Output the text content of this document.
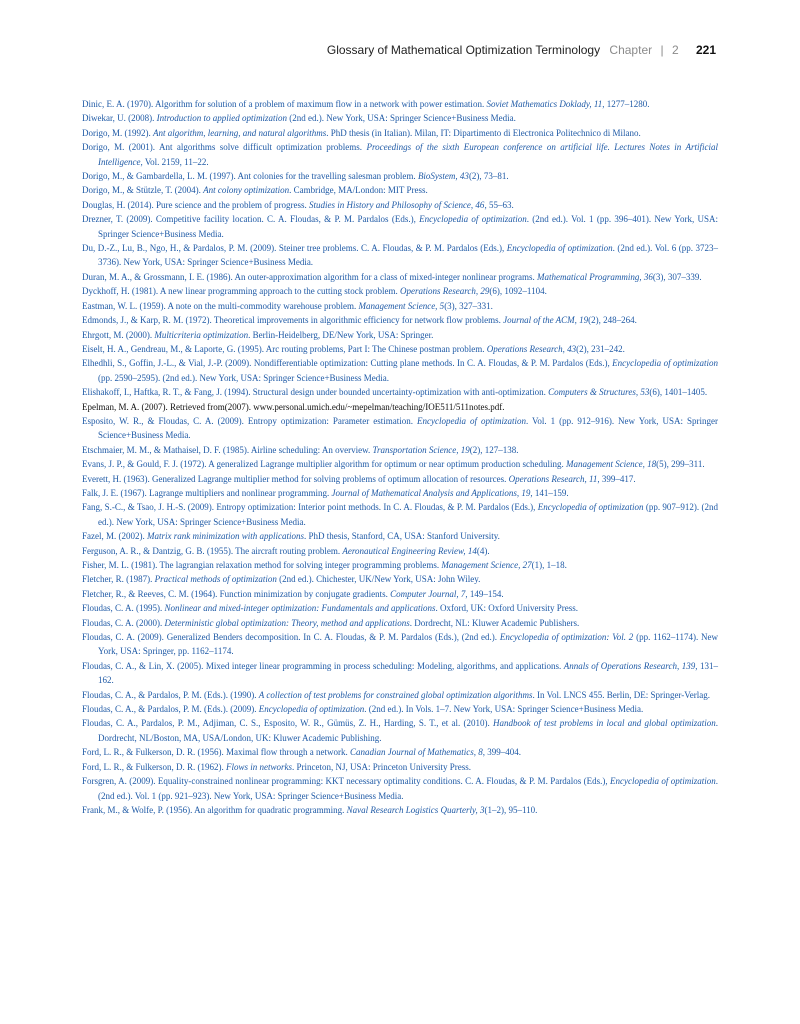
Glossary of Mathematical Optimization Terminology Chapter | 2 221

Dinic, E. A. (1970). Algorithm for solution of a problem of maximum flow in a network with power estimation. Soviet Mathematics Doklady, 11, 1277–1280.

Diwekar, U. (2008). Introduction to applied optimization (2nd ed.). New York, USA: Springer Science+Business Media.

Dorigo, M. (1992). Ant algorithm, learning, and natural algorithms. PhD thesis (in Italian). Milan, IT: Dipartimento di Electronica Politechnico di Milano.

Dorigo, M. (2001). Ant algorithms solve difficult optimization problems. Proceedings of the sixth European conference on artificial life. Lectures Notes in Artificial Intelligence, Vol. 2159, 11–22.

Dorigo, M., & Gambardella, L. M. (1997). Ant colonies for the travelling salesman problem. BioSystem, 43(2), 73–81.

Dorigo, M., & Stützle, T. (2004). Ant colony optimization. Cambridge, MA/London: MIT Press.

Douglas, H. (2014). Pure science and the problem of progress. Studies in History and Philosophy of Science, 46, 55–63.

Drezner, T. (2009). Competitive facility location. C. A. Floudas, & P. M. Pardalos (Eds.), Encyclopedia of optimization. (2nd ed.). Vol. 1 (pp. 396–401). New York, USA: Springer Science+Business Media.

Du, D.-Z., Lu, B., Ngo, H., & Pardalos, P. M. (2009). Steiner tree problems. C. A. Floudas, & P. M. Pardalos (Eds.), Encyclopedia of optimization. (2nd ed.). Vol. 6 (pp. 3723–3736). New York, USA: Springer Science+Business Media.

Duran, M. A., & Grossmann, I. E. (1986). An outer-approximation algorithm for a class of mixed-integer nonlinear programs. Mathematical Programming, 36(3), 307–339.

Dyckhoff, H. (1981). A new linear programming approach to the cutting stock problem. Operations Research, 29(6), 1092–1104.

Eastman, W. L. (1959). A note on the multi-commodity warehouse problem. Management Science, 5(3), 327–331.

Edmonds, J., & Karp, R. M. (1972). Theoretical improvements in algorithmic efficiency for network flow problems. Journal of the ACM, 19(2), 248–264.

Ehrgott, M. (2000). Multicriteria optimization. Berlin-Heidelberg, DE/New York, USA: Springer.

Eiselt, H. A., Gendreau, M., & Laporte, G. (1995). Arc routing problems, Part I: The Chinese postman problem. Operations Research, 43(2), 231–242.

Elhedhli, S., Goffin, J.-L., & Vial, J.-P. (2009). Nondifferentiable optimization: Cutting plane methods. In C. A. Floudas, & P. M. Pardalos (Eds.), Encyclopedia of optimization (pp. 2590–2595). (2nd ed.). New York, USA: Springer Science+Business Media.

Elishakoff, I., Haftka, R. T., & Fang, J. (1994). Structural design under bounded uncertainty-optimization with anti-optimization. Computers & Structures, 53(6), 1401–1405.

Epelman, M. A. (2007). Retrieved from(2007). www.personal.umich.edu/~mepelman/teaching/IOE511/511notes.pdf.

Esposito, W. R., & Floudas, C. A. (2009). Entropy optimization: Parameter estimation. Encyclopedia of optimization. Vol. 1 (pp. 912–916). New York, USA: Springer Science+Business Media.

Etschmaier, M. M., & Mathaisel, D. F. (1985). Airline scheduling: An overview. Transportation Science, 19(2), 127–138.

Evans, J. P., & Gould, F. J. (1972). A generalized Lagrange multiplier algorithm for optimum or near optimum production scheduling. Management Science, 18(5), 299–311.

Everett, H. (1963). Generalized Lagrange multiplier method for solving problems of optimum allocation of resources. Operations Research, 11, 399–417.

Falk, J. E. (1967). Lagrange multipliers and nonlinear programming. Journal of Mathematical Analysis and Applications, 19, 141–159.

Fang, S.-C., & Tsao, J. H.-S. (2009). Entropy optimization: Interior point methods. In C. A. Floudas, & P. M. Pardalos (Eds.), Encyclopedia of optimization (pp. 907–912). (2nd ed.). New York, USA: Springer Science+Business Media.

Fazel, M. (2002). Matrix rank minimization with applications. PhD thesis, Stanford, CA, USA: Stanford University.

Ferguson, A. R., & Dantzig, G. B. (1955). The aircraft routing problem. Aeronautical Engineering Review, 14(4).

Fisher, M. L. (1981). The lagrangian relaxation method for solving integer programming problems. Management Science, 27(1), 1–18.

Fletcher, R. (1987). Practical methods of optimization (2nd ed.). Chichester, UK/New York, USA: John Wiley.

Fletcher, R., & Reeves, C. M. (1964). Function minimization by conjugate gradients. Computer Journal, 7, 149–154.

Floudas, C. A. (1995). Nonlinear and mixed-integer optimization: Fundamentals and applications. Oxford, UK: Oxford University Press.

Floudas, C. A. (2000). Deterministic global optimization: Theory, method and applications. Dordrecht, NL: Kluwer Academic Publishers.

Floudas, C. A. (2009). Generalized Benders decomposition. In C. A. Floudas, & P. M. Pardalos (Eds.), (2nd ed.). Encyclopedia of optimization: Vol. 2 (pp. 1162–1174). New York, USA: Springer, pp. 1162–1174.

Floudas, C. A., & Lin, X. (2005). Mixed integer linear programming in process scheduling: Modeling, algorithms, and applications. Annals of Operations Research, 139, 131–162.

Floudas, C. A., & Pardalos, P. M. (Eds.). (1990). A collection of test problems for constrained global optimization algorithms. In Vol. LNCS 455. Berlin, DE: Springer-Verlag.

Floudas, C. A., & Pardalos, P. M. (Eds.). (2009). Encyclopedia of optimization. (2nd ed.). In Vols. 1–7. New York, USA: Springer Science+Business Media.

Floudas, C. A., Pardalos, P. M., Adjiman, C. S., Esposito, W. R., Gümüs, Z. H., Harding, S. T., et al. (2010). Handbook of test problems in local and global optimization. Dordrecht, NL/Boston, MA, USA/London, UK: Kluwer Academic Publishing.

Ford, L. R., & Fulkerson, D. R. (1956). Maximal flow through a network. Canadian Journal of Mathematics, 8, 399–404.

Ford, L. R., & Fulkerson, D. R. (1962). Flows in networks. Princeton, NJ, USA: Princeton University Press.

Forsgren, A. (2009). Equality-constrained nonlinear programming: KKT necessary optimality conditions. C. A. Floudas, & P. M. Pardalos (Eds.), Encyclopedia of optimization. (2nd ed.). Vol. 1 (pp. 921–923). New York, USA: Springer Science+Business Media.

Frank, M., & Wolfe, P. (1956). An algorithm for quadratic programming. Naval Research Logistics Quarterly, 3(1–2), 95–110.
